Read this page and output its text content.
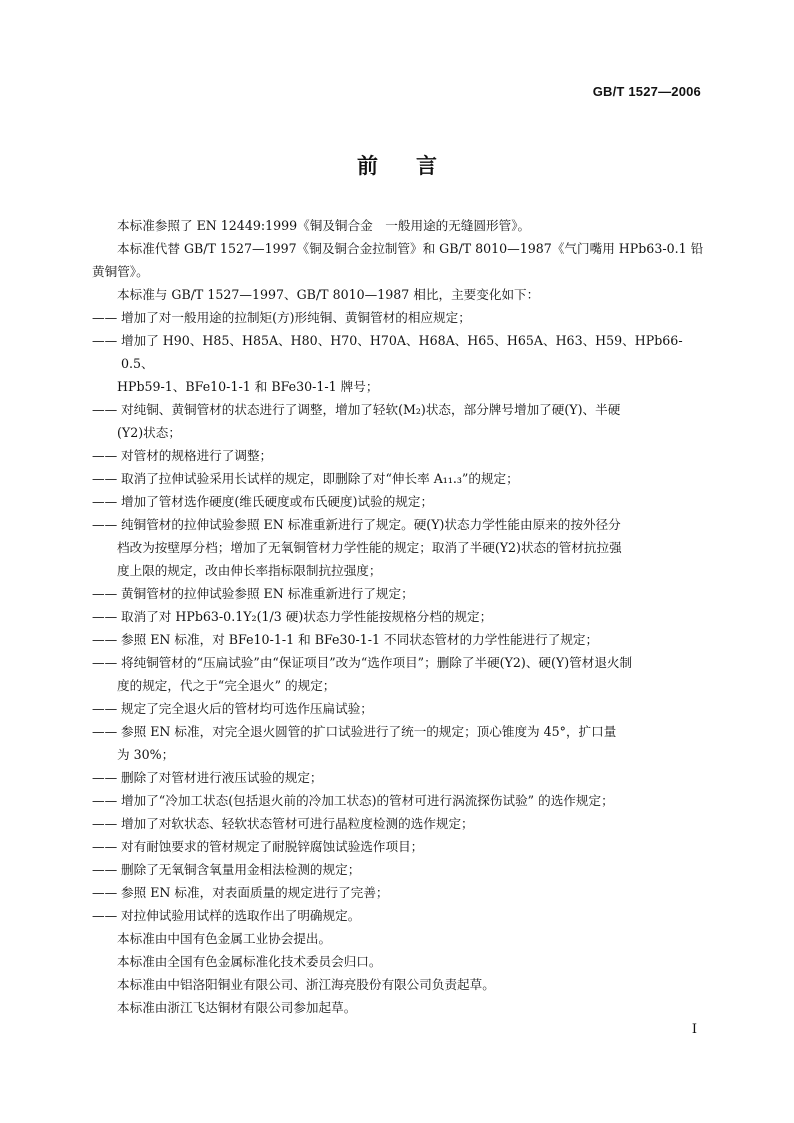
GB/T 1527—2006
前言

本标准参照了 EN 12449:1999《铜及铜合金　一般用途的无缝圆形管》。

本标准代替 GB/T 1527—1997《铜及铜合金拉制管》和 GB/T 8010—1987《气门嘴用 HPb63-0.1 铅

黄铜管》。

本标准与 GB/T 1527—1997、GB/T 8010—1987 相比，主要变化如下：

—— 增加了对一般用途的拉制矩(方)形纯铜、黄铜管材的相应规定；

—— 增加了 H90、H85、H85A、H80、H70、H70A、H68A、H65、H65A、H63、H59、HPb66-0.5、

HPb59-1、BFe10-1-1 和 BFe30-1-1 牌号；

—— 对纯铜、黄铜管材的状态进行了调整，增加了轻软(M₂)状态，部分牌号增加了硬(Y)、半硬

(Y2)状态；

—— 对管材的规格进行了调整；

—— 取消了拉伸试验采用长试样的规定，即删除了对“伸长率 A₁₁.₃”的规定；

—— 增加了管材选作硬度(维氏硬度或布氏硬度)试验的规定；

—— 纯铜管材的拉伸试验参照 EN 标准重新进行了规定。硬(Y)状态力学性能由原来的按外径分

档改为按壁厚分档；增加了无氧铜管材力学性能的规定；取消了半硬(Y2)状态的管材抗拉强

度上限的规定，改由伸长率指标限制抗拉强度；

—— 黄铜管材的拉伸试验参照 EN 标准重新进行了规定；

—— 取消了对 HPb63-0.1Y₂(1/3 硬)状态力学性能按规格分档的规定；

—— 参照 EN 标准，对 BFe10-1-1 和 BFe30-1-1 不同状态管材的力学性能进行了规定；

—— 将纯铜管材的“压扁试验”由“保证项目”改为“选作项目”；删除了半硬(Y2)、硬(Y)管材退火制

度的规定，代之于“完全退火” 的规定；

—— 规定了完全退火后的管材均可选作压扁试验；

—— 参照 EN 标准，对完全退火圆管的扩口试验进行了统一的规定；顶心锥度为 45°，扩口量

为 30%；

—— 删除了对管材进行液压试验的规定；

—— 增加了“冷加工状态(包括退火前的冷加工状态)的管材可进行涡流探伤试验” 的选作规定；

—— 增加了对软状态、轻软状态管材可进行晶粒度检测的选作规定；

—— 对有耐蚀要求的管材规定了耐脱锌腐蚀试验选作项目；

—— 删除了无氧铜含氧量用金相法检测的规定；

—— 参照 EN 标准，对表面质量的规定进行了完善；

—— 对拉伸试验用试样的选取作出了明确规定。

本标准由中国有色金属工业协会提出。

本标准由全国有色金属标准化技术委员会归口。

本标准由中铝洛阳铜业有限公司、浙江海亮股份有限公司负责起草。

本标准由浙江飞达铜材有限公司参加起草。

I
